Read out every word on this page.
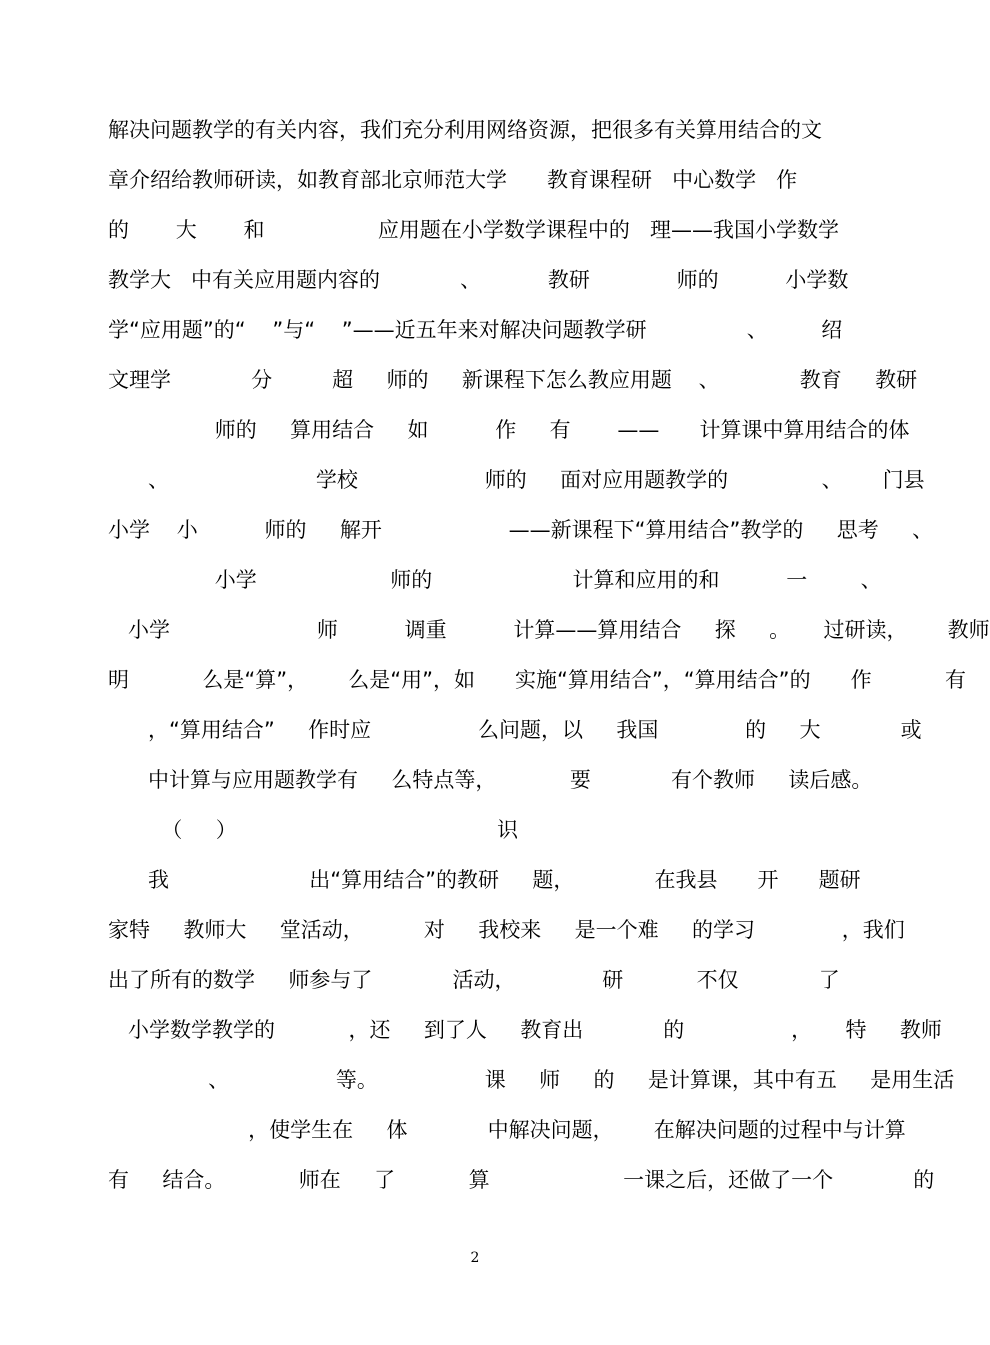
解决问题教学的有关内容，我们充分利用网络资源，把很多有关算用结合的文
章介绍给教师研读，如教育部北京师范大学      教育课程研   中心数学   作
的       大       和                 应用题在小学数学课程中的   理——我国小学数学
教学大   中有关应用题内容的            、          教研             师的          小学数
学“应用题”的“    ”与“    ”——近五年来对解决问题教学研               、        绍
文理学            分         超     师的     新课程下怎么教应用题    、            教育     教研
师的     算用结合     如          作     有       ——      计算课中算用结合的体
、                      学校                   师的     面对应用题教学的              、      门县
小学    小          师的     解开                   ——新课程下“算用结合”教学的     思考     、
小学                    师的                     计算和应用的和          一        、
小学                      师          调重          计算——算用结合     探     。     过研读，      教师
明           么是“算”，      么是“用”，如      实施“算用结合”，“算用结合”的      作           有
，“算用结合”     作时应                么问题，以     我国             的     大            或
中计算与应用题教学有     么特点等，           要            有个教师     读后感。
（     ）                                       识
我                     出“算用结合”的教研     题，            在我县      开      题研
家特     教师大     堂活动，         对     我校来     是一个难     的学习             ，我们
出了所有的数学     师参与了            活动，             研           不仅            了
小学数学教学的           ，还     到了人     教育出            的                ，     特     教师
、                等。                课     师     的     是计算课，其中有五     是用生活
，使学生在     体            中解决问题，      在解决问题的过程中与计算
有     结合。           师在     了           算                    一课之后，还做了一个            的
2
